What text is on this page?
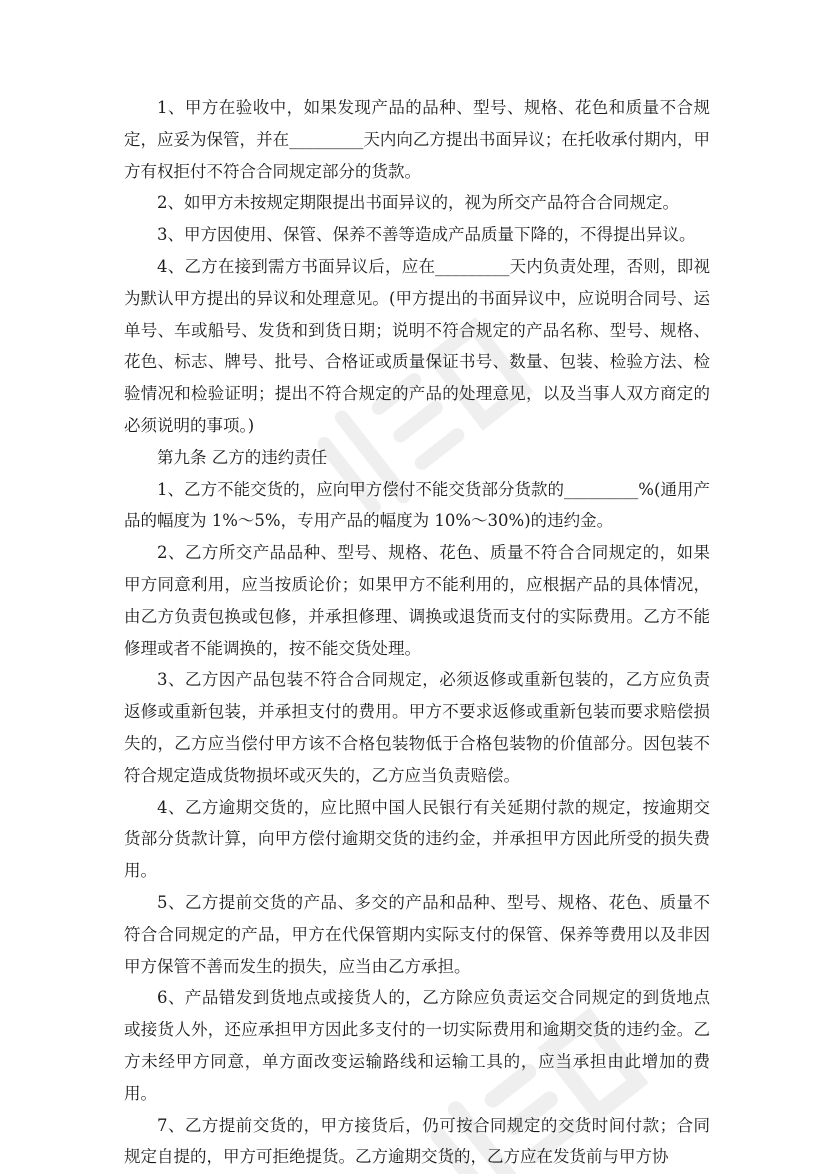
1、甲方在验收中，如果发现产品的品种、型号、规格、花色和质量不合规定，应妥为保管，并在_________天内向乙方提出书面异议；在托收承付期内，甲方有权拒付不符合合同规定部分的货款。

2、如甲方未按规定期限提出书面异议的，视为所交产品符合合同规定。

3、甲方因使用、保管、保养不善等造成产品质量下降的，不得提出异议。

4、乙方在接到需方书面异议后，应在_________天内负责处理，否则，即视为默认甲方提出的异议和处理意见。(甲方提出的书面异议中，应说明合同号、运单号、车或船号、发货和到货日期；说明不符合规定的产品名称、型号、规格、花色、标志、牌号、批号、合格证或质量保证书号、数量、包装、检验方法、检验情况和检验证明；提出不符合规定的产品的处理意见，以及当事人双方商定的必须说明的事项。)

第九条 乙方的违约责任

1、乙方不能交货的，应向甲方偿付不能交货部分货款的_________%(通用产品的幅度为 1%～5%，专用产品的幅度为 10%～30%)的违约金。

2、乙方所交产品品种、型号、规格、花色、质量不符合合同规定的，如果甲方同意利用，应当按质论价；如果甲方不能利用的，应根据产品的具体情况，由乙方负责包换或包修，并承担修理、调换或退货而支付的实际费用。乙方不能修理或者不能调换的，按不能交货处理。

3、乙方因产品包装不符合合同规定，必须返修或重新包装的，乙方应负责返修或重新包装，并承担支付的费用。甲方不要求返修或重新包装而要求赔偿损失的，乙方应当偿付甲方该不合格包装物低于合格包装物的价值部分。因包装不符合规定造成货物损坏或灭失的，乙方应当负责赔偿。

4、乙方逾期交货的，应比照中国人民银行有关延期付款的规定，按逾期交货部分货款计算，向甲方偿付逾期交货的违约金，并承担甲方因此所受的损失费用。

5、乙方提前交货的产品、多交的产品和品种、型号、规格、花色、质量不符合合同规定的产品，甲方在代保管期内实际支付的保管、保养等费用以及非因甲方保管不善而发生的损失，应当由乙方承担。

6、产品错发到货地点或接货人的，乙方除应负责运交合同规定的到货地点或接货人外，还应承担甲方因此多支付的一切实际费用和逾期交货的违约金。乙方未经甲方同意，单方面改变运输路线和运输工具的，应当承担由此增加的费用。

7、乙方提前交货的，甲方接货后，仍可按合同规定的交货时间付款；合同规定自提的，甲方可拒绝提货。乙方逾期交货的，乙方应在发货前与甲方协
